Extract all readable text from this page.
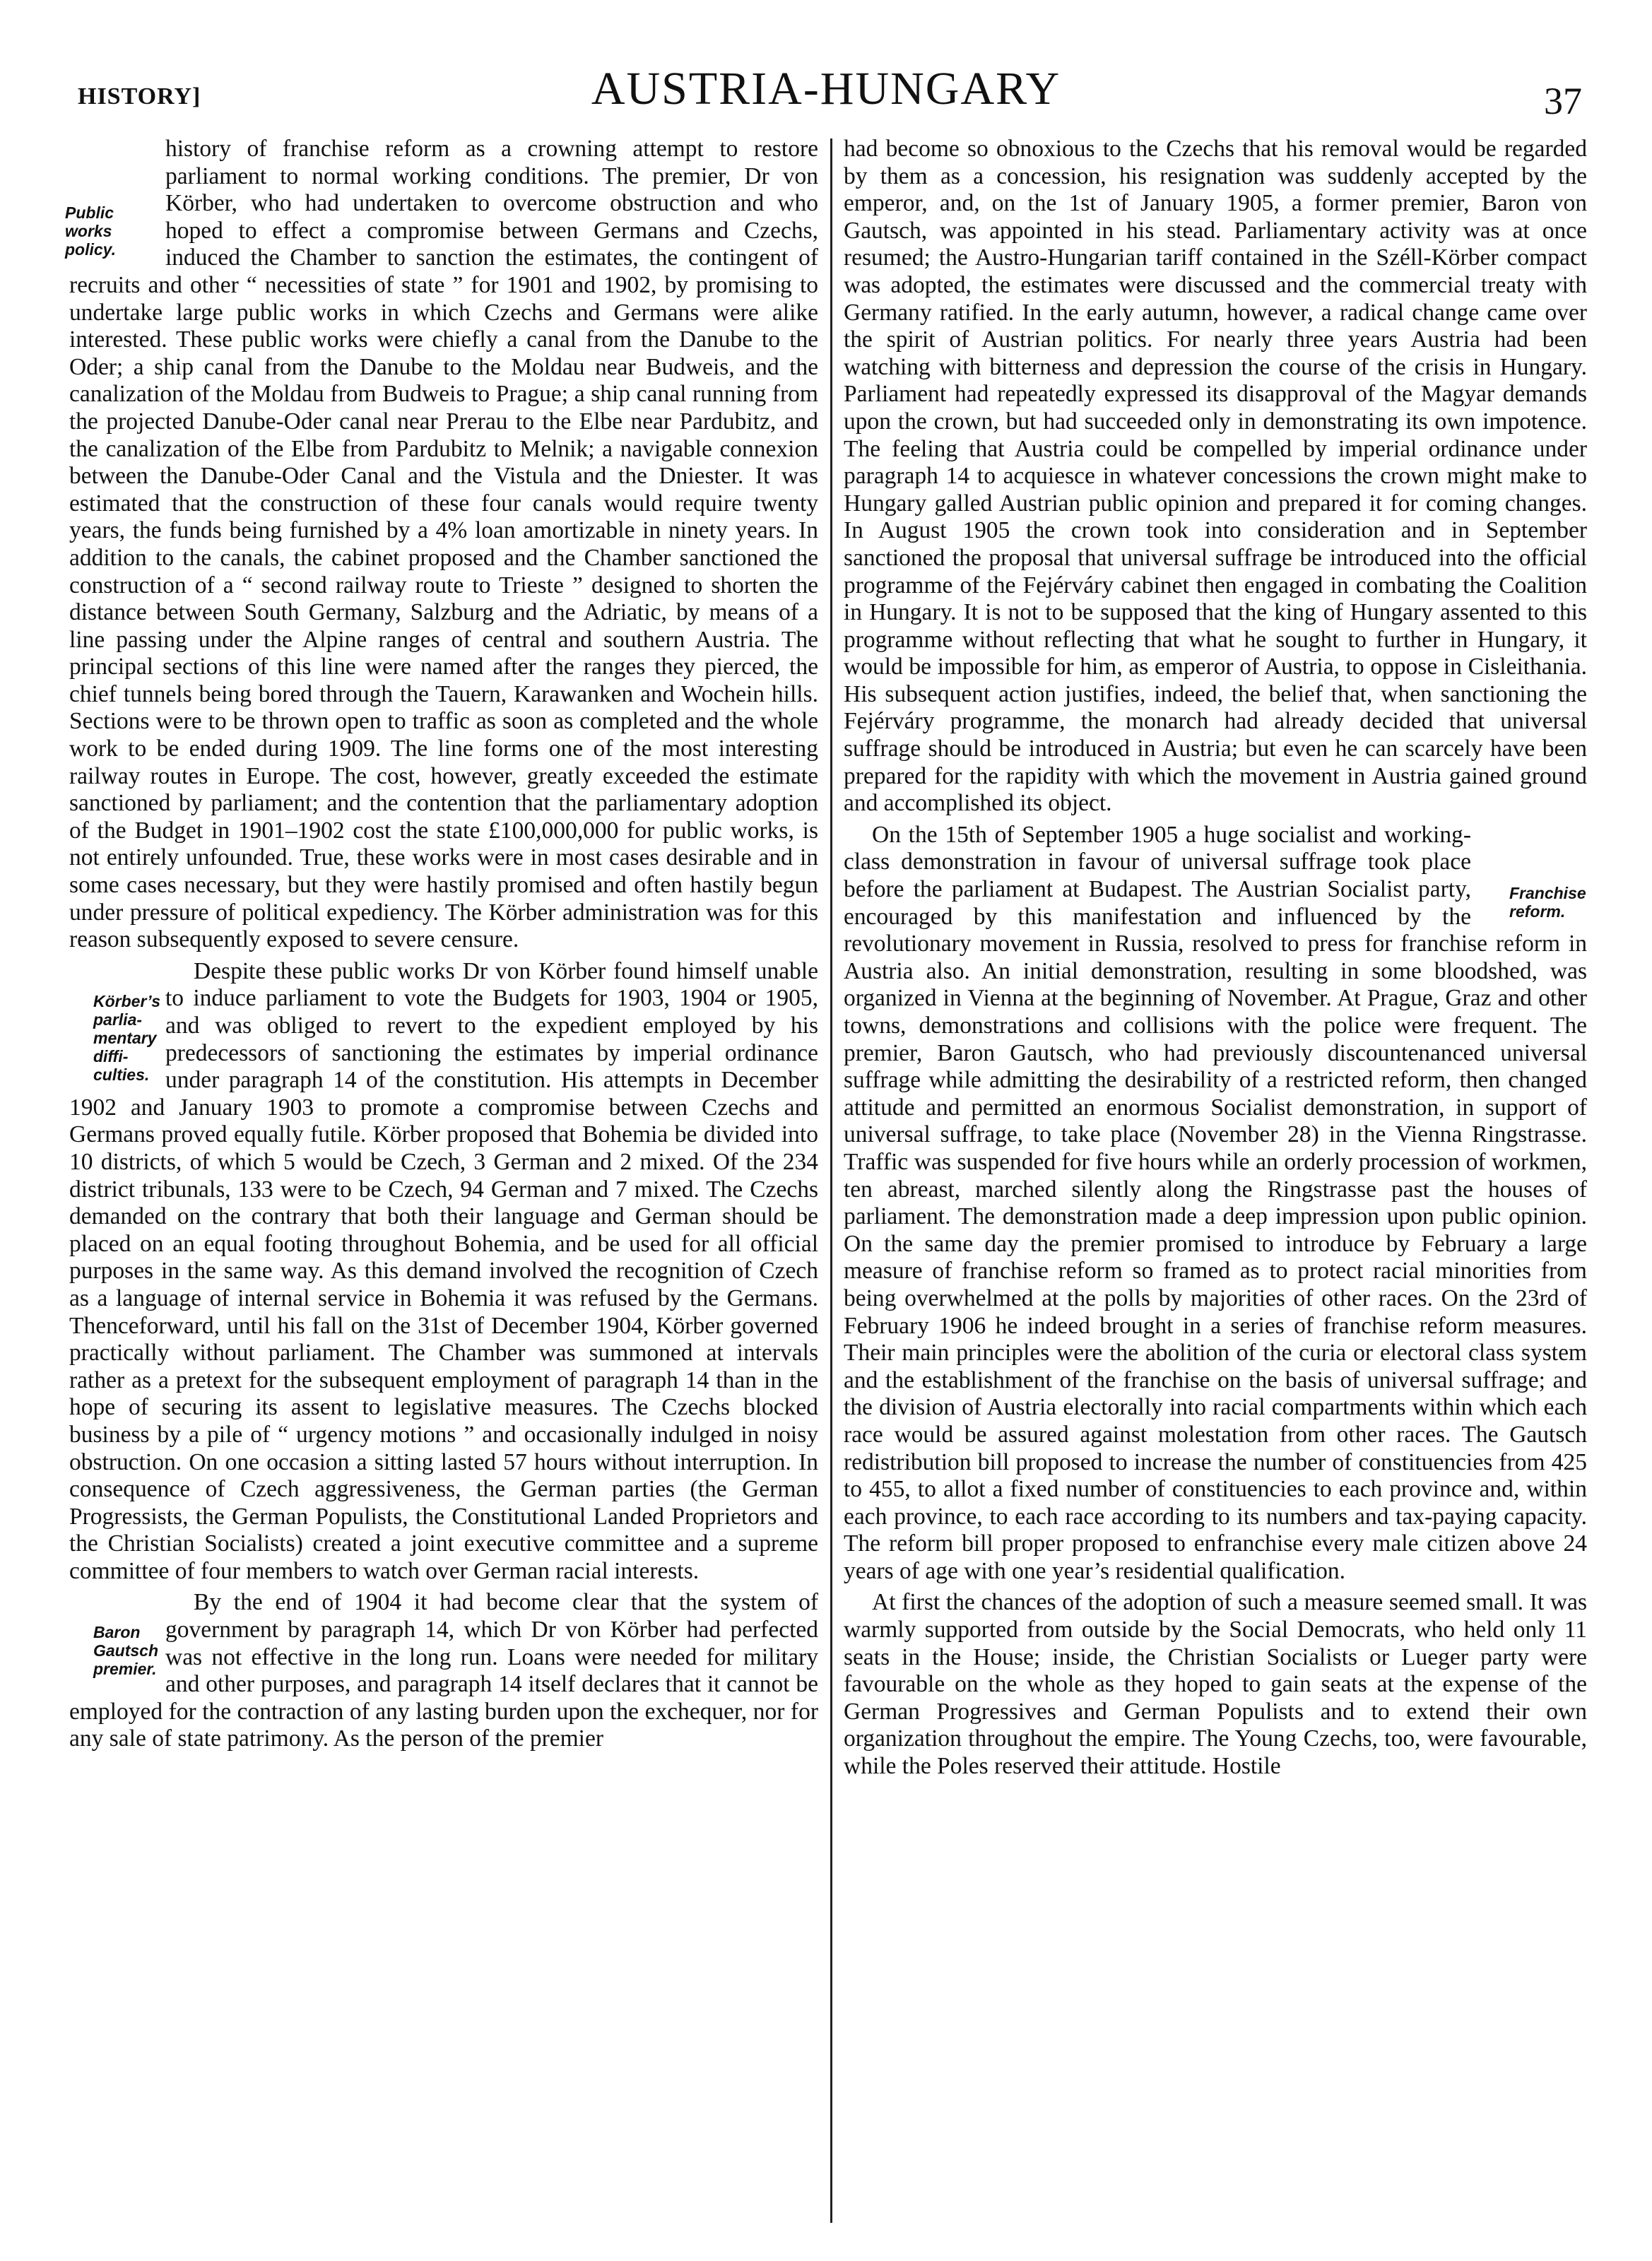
HISTORY]	AUSTRIA-HUNGARY	37
Public
works
policy.

history of franchise reform as a crowning attempt to restore parliament to normal working conditions. The premier, Dr von Körber, who had undertaken to overcome obstruction and who hoped to effect a compromise between Germans and Czechs, induced the Chamber to sanction the estimates, the contingent of recruits and other “ necessities of state ” for 1901 and 1902, by promising to undertake large public works in which Czechs and Germans were alike interested. These public works were chiefly a canal from the Danube to the Oder; a ship canal from the Danube to the Moldau near Budweis, and the canalization of the Moldau from Budweis to Prague; a ship canal running from the projected Danube-Oder canal near Prerau to the Elbe near Pardubitz, and the canalization of the Elbe from Pardubitz to Melnik; a navigable connexion between the Danube-Oder Canal and the Vistula and the Dniester. It was estimated that the construction of these four canals would require twenty years, the funds being furnished by a 4% loan amortizable in ninety years. In addition to the canals, the cabinet proposed and the Chamber sanctioned the construction of a “ second railway route to Trieste ” designed to shorten the distance between South Germany, Salzburg and the Adriatic, by means of a line passing under the Alpine ranges of central and southern Austria. The principal sections of this line were named after the ranges they pierced, the chief tunnels being bored through the Tauern, Karawanken and Wochein hills. Sections were to be thrown open to traffic as soon as completed and the whole work to be ended during 1909. The line forms one of the most interesting railway routes in Europe. The cost, however, greatly exceeded the estimate sanctioned by parliament; and the contention that the parliamentary adoption of the Budget in 1901–1902 cost the state £100,000,000 for public works, is not entirely unfounded. True, these works were in most cases desirable and in some cases necessary, but they were hastily promised and often hastily begun under pressure of political expediency. The Körber administration was for this reason subsequently exposed to severe censure.

Körber’s
parlia-
mentary
diffi-
culties.
Despite these public works Dr von Körber found himself unable to induce parliament to vote the Budgets for 1903, 1904 or 1905, and was obliged to revert to the expedient employed by his predecessors of sanctioning the estimates by imperial ordinance under paragraph 14 of the constitution. His attempts in December 1902 and January 1903 to promote a compromise between Czechs and Germans proved equally futile. Körber proposed that Bohemia be divided into 10 districts, of which 5 would be Czech, 3 German and 2 mixed. Of the 234 district tribunals, 133 were to be Czech, 94 German and 7 mixed. The Czechs demanded on the contrary that both their language and German should be placed on an equal footing throughout Bohemia, and be used for all official purposes in the same way. As this demand involved the recognition of Czech as a language of internal service in Bohemia it was refused by the Germans. Thenceforward, until his fall on the 31st of December 1904, Körber governed practically without parliament. The Chamber was summoned at intervals rather as a pretext for the subsequent employment of paragraph 14 than in the hope of securing its assent to legislative measures. The Czechs blocked business by a pile of “ urgency motions ” and occasionally indulged in noisy obstruction. On one occasion a sitting lasted 57 hours without interruption. In consequence of Czech aggressiveness, the German parties (the German Progressists, the German Populists, the Constitutional Landed Proprietors and the Christian Socialists) created a joint executive committee and a supreme committee of four members to watch over German racial interests.

Baron
Gautsch
premier.
By the end of 1904 it had become clear that the system of government by paragraph 14, which Dr von Körber had perfected was not effective in the long run. Loans were needed for military and other purposes, and paragraph 14 itself declares that it cannot be employed for the contraction of any lasting burden upon the exchequer, nor for any sale of state patrimony. As the person of the premier

had become so obnoxious to the Czechs that his removal would be regarded by them as a concession, his resignation was suddenly accepted by the emperor, and, on the 1st of January 1905, a former premier, Baron von Gautsch, was appointed in his stead. Parliamentary activity was at once resumed; the Austro-Hungarian tariff contained in the Széll-Körber compact was adopted, the estimates were discussed and the commercial treaty with Germany ratified. In the early autumn, however, a radical change came over the spirit of Austrian politics. For nearly three years Austria had been watching with bitterness and depression the course of the crisis in Hungary. Parliament had repeatedly expressed its disapproval of the Magyar demands upon the crown, but had succeeded only in demonstrating its own impotence. The feeling that Austria could be compelled by imperial ordinance under paragraph 14 to acquiesce in whatever concessions the crown might make to Hungary galled Austrian public opinion and prepared it for coming changes. In August 1905 the crown took into consideration and in September sanctioned the proposal that universal suffrage be introduced into the official programme of the Fejérváry cabinet then engaged in combating the Coalition in Hungary. It is not to be supposed that the king of Hungary assented to this programme without reflecting that what he sought to further in Hungary, it would be impossible for him, as emperor of Austria, to oppose in Cisleithania. His subsequent action justifies, indeed, the belief that, when sanctioning the Fejérváry programme, the monarch had already decided that universal suffrage should be introduced in Austria; but even he can scarcely have been prepared for the rapidity with which the movement in Austria gained ground and accomplished its object.

Franchise
reform.
On the 15th of September 1905 a huge socialist and working-class demonstration in favour of universal suffrage took place before the parliament at Budapest. The Austrian Socialist party, encouraged by this manifestation and influenced by the revolutionary movement in Russia, resolved to press for franchise reform in Austria also. An initial demonstration, resulting in some bloodshed, was organized in Vienna at the beginning of November. At Prague, Graz and other towns, demonstrations and collisions with the police were frequent. The premier, Baron Gautsch, who had previously discountenanced universal suffrage while admitting the desirability of a restricted reform, then changed attitude and permitted an enormous Socialist demonstration, in support of universal suffrage, to take place (November 28) in the Vienna Ringstrasse. Traffic was suspended for five hours while an orderly procession of workmen, ten abreast, marched silently along the Ringstrasse past the houses of parliament. The demonstration made a deep impression upon public opinion. On the same day the premier promised to introduce by February a large measure of franchise reform so framed as to protect racial minorities from being overwhelmed at the polls by majorities of other races. On the 23rd of February 1906 he indeed brought in a series of franchise reform measures. Their main principles were the abolition of the curia or electoral class system and the establishment of the franchise on the basis of universal suffrage; and the division of Austria electorally into racial compartments within which each race would be assured against molestation from other races. The Gautsch redistribution bill proposed to increase the number of constituencies from 425 to 455, to allot a fixed number of constituencies to each province and, within each province, to each race according to its numbers and tax-paying capacity. The reform bill proper proposed to enfranchise every male citizen above 24 years of age with one year’s residential qualification.

At first the chances of the adoption of such a measure seemed small. It was warmly supported from outside by the Social Democrats, who held only 11 seats in the House; inside, the Christian Socialists or Lueger party were favourable on the whole as they hoped to gain seats at the expense of the German Progressives and German Populists and to extend their own organization throughout the empire. The Young Czechs, too, were favourable, while the Poles reserved their attitude. Hostile
